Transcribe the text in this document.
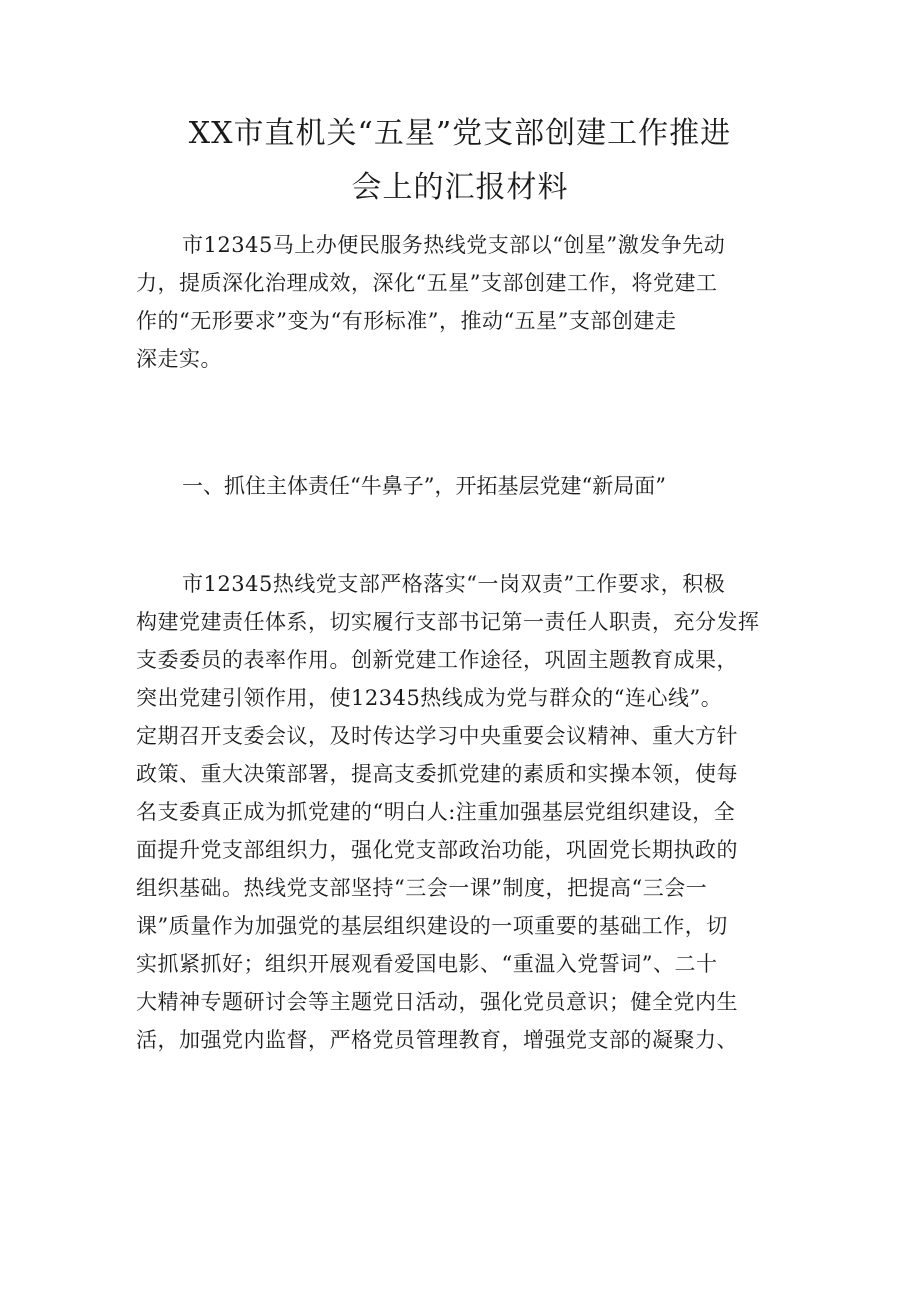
XX市直机关“五星”党支部创建工作推进
会上的汇报材料
市12345马上办便民服务热线党支部以“创星”激发争先动
力，提质深化治理成效，深化“五星”支部创建工作，将党建工
作的“无形要求”变为“有形标准”，推动“五星”支部创建走
深走实。
一、抓住主体责任“牛鼻子”，开拓基层党建“新局面”
市12345热线党支部严格落实“一岗双责”工作要求，积极
构建党建责任体系，切实履行支部书记第一责任人职责，充分发挥
支委委员的表率作用。创新党建工作途径，巩固主题教育成果，
突出党建引领作用，使12345热线成为党与群众的“连心线”。
定期召开支委会议，及时传达学习中央重要会议精神、重大方针
政策、重大决策部署，提高支委抓党建的素质和实操本领，使每
名支委真正成为抓党建的“明白人:注重加强基层党组织建设，全
面提升党支部组织力，强化党支部政治功能，巩固党长期执政的
组织基础。热线党支部坚持“三会一课”制度，把提高“三会一
课”质量作为加强党的基层组织建设的一项重要的基础工作，切
实抓紧抓好；组织开展观看爱国电影、“重温入党誓词”、二十
大精神专题研讨会等主题党日活动，强化党员意识；健全党内生
活，加强党内监督，严格党员管理教育，增强党支部的凝聚力、
